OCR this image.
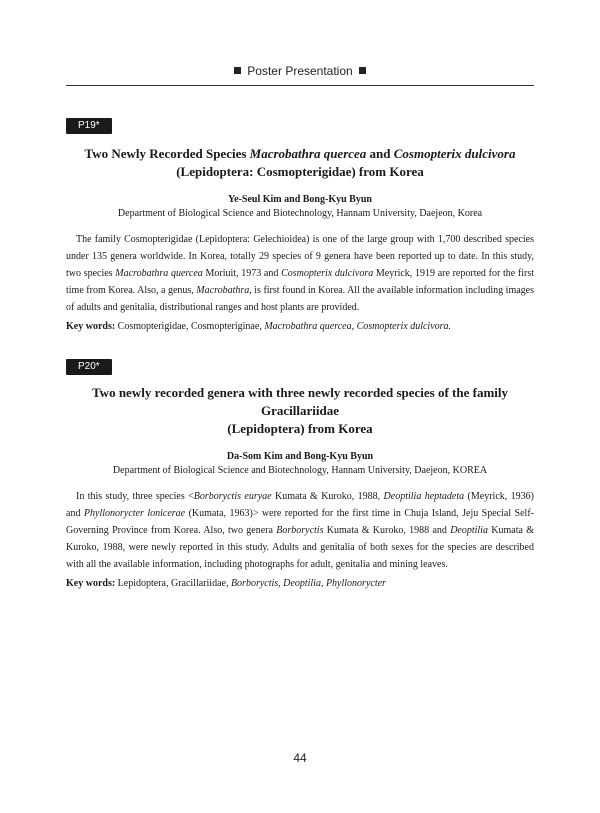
Poster Presentation
P19*

Two Newly Recorded Species Macrobathra quercea and Cosmopterix dulcivora
(Lepidoptera: Cosmopterigidae) from Korea

Ye-Seul Kim and Bong-Kyu Byun
Department of Biological Science and Biotechnology, Hannam University, Daejeon, Korea

The family Cosmopterigidae (Lepidoptera: Gelechioidea) is one of the large group with 1,700 described species under 135 genera worldwide. In Korea, totally 29 species of 9 genera have been reported up to date. In this study, two species Macrobathra quercea Moriuit, 1973 and Cosmopterix dulcivora Meyrick, 1919 are reported for the first time from Korea. Also, a genus, Macrobathra, is first found in Korea. All the available information including images of adults and genitalia, distributional ranges and host plants are provided.

Key words: Cosmopterigidae, Cosmopteriginae, Macrobathra quercea, Cosmopterix dulcivora.
P20*

Two newly recorded genera with three newly recorded species of the family Gracillariidae
(Lepidoptera) from Korea

Da-Som Kim and Bong-Kyu Byun
Department of Biological Science and Biotechnology, Hannam University, Daejeon, KOREA

In this study, three species <Borboryctis euryae Kumata & Kuroko, 1988, Deoptilia heptadeta (Meyrick, 1936) and Phyllonorycter lonicerae (Kumata, 1963)> were reported for the first time in Chuja Island, Jeju Special Self-Governing Province from Korea. Also, two genera Borboryctis Kumata & Kuroko, 1988 and Deoptilia Kumata & Kuroko, 1988, were newly reported in this study. Adults and genitalia of both sexes for the species are described with all the available information, including photographs for adult, genitalia and mining leaves.

Key words: Lepidoptera, Gracillariidae, Borboryctis, Deoptilia, Phyllonorycter
44
